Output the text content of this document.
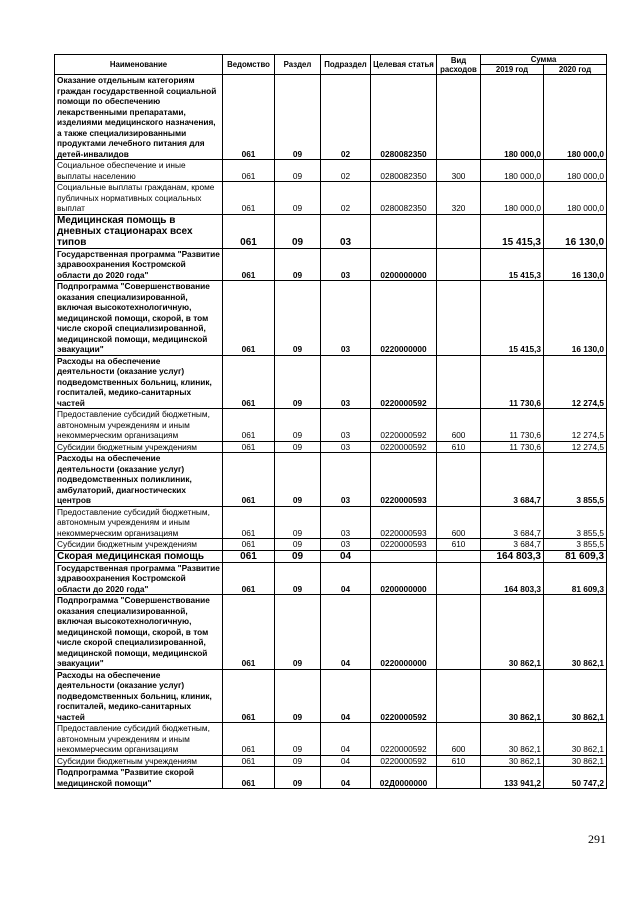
Наименование	Ведомство	Раздел	Подраздел	Целевая статья	Вид расходов	Сумма	
						2019 год	2020 год
Оказание отдельным категориям граждан государственной социальной помощи по обеспечению лекарственными препаратами, изделиями медицинского назначения, а также специализированными продуктами лечебного питания для детей-инвалидов	061	09	02	0280082350		180 000,0	180 000,0
Социальное обеспечение и иные выплаты населению	061	09	02	0280082350	300	180 000,0	180 000,0
Социальные выплаты гражданам, кроме публичных нормативных социальных выплат	061	09	02	0280082350	320	180 000,0	180 000,0
Медицинская помощь в дневных стационарах всех типов	061	09	03			15 415,3	16 130,0
Государственная программа "Развитие здравоохранения Костромской области до 2020 года"	061	09	03	0200000000		15 415,3	16 130,0
Подпрограмма "Совершенствование оказания специализированной, включая высокотехнологичную, медицинской помощи, скорой, в том числе скорой специализированной, медицинской помощи, медицинской эвакуации"	061	09	03	0220000000		15 415,3	16 130,0
Расходы на обеспечение деятельности (оказание услуг) подведомственных больниц, клиник, госпиталей, медико-санитарных частей	061	09	03	0220000592		11 730,6	12 274,5
Предоставление субсидий бюджетным, автономным учреждениям и иным некоммерческим организациям	061	09	03	0220000592	600	11 730,6	12 274,5
Субсидии бюджетным учреждениям	061	09	03	0220000592	610	11 730,6	12 274,5
Расходы на обеспечение деятельности (оказание услуг) подведомственных поликлиник, амбулаторий, диагностических центров	061	09	03	0220000593		3 684,7	3 855,5
Предоставление субсидий бюджетным, автономным учреждениям и иным некоммерческим организациям	061	09	03	0220000593	600	3 684,7	3 855,5
Субсидии бюджетным учреждениям	061	09	03	0220000593	610	3 684,7	3 855,5
Скорая медицинская помощь	061	09	04			164 803,3	81 609,3
Государственная программа "Развитие здравоохранения Костромской области до 2020 года"	061	09	04	0200000000		164 803,3	81 609,3
Подпрограмма "Совершенствование оказания специализированной, включая высокотехнологичную, медицинской помощи, скорой, в том числе скорой специализированной, медицинской помощи, медицинской эвакуации"	061	09	04	0220000000		30 862,1	30 862,1
Расходы на обеспечение деятельности (оказание услуг) подведомственных больниц, клиник, госпиталей, медико-санитарных частей	061	09	04	0220000592		30 862,1	30 862,1
Предоставление субсидий бюджетным, автономным учреждениям и иным некоммерческим организациям	061	09	04	0220000592	600	30 862,1	30 862,1
Субсидии бюджетным учреждениям	061	09	04	0220000592	610	30 862,1	30 862,1
Подпрограмма "Развитие скорой медицинской помощи"	061	09	04	02Д0000000		133 941,2	50 747,2
291
